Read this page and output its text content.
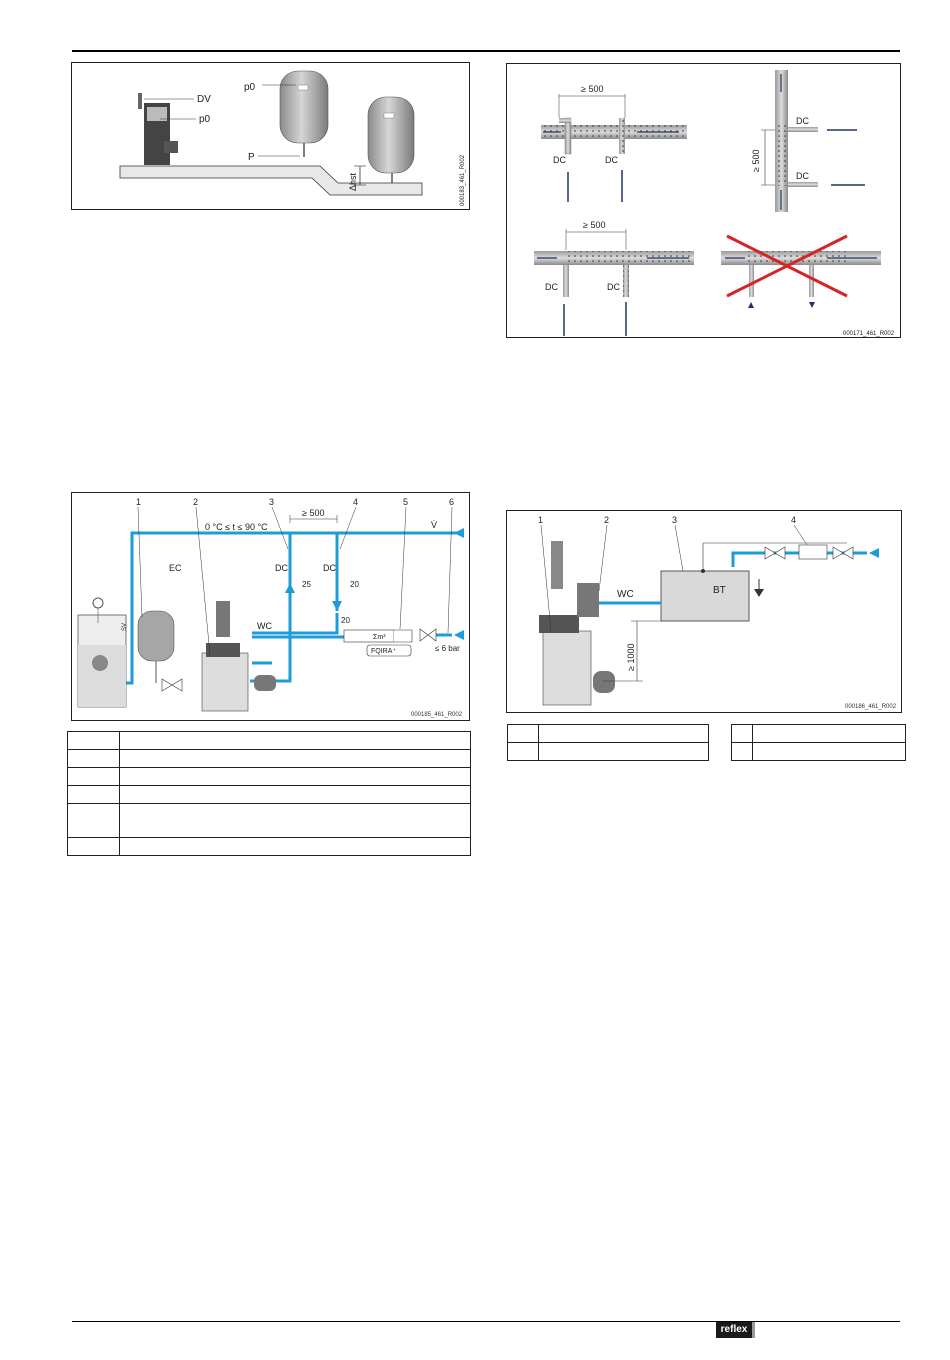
DV
p0
p0
P
Δhst	000183_461_R002
≥ 500
DC	DC	≥ 500
DC
DC
≥ 500
DC	DC
000171_461_R002
1	2	3	4	5	6
0 °C ≤ t ≤ 90 °C
≥ 500
EC	DC	DC
WC
25	20
20
≤ 6 bar
Σm³
FQIRA⁺
SV
V̇
000185_461_R002

1	2	3	4
WC	BT
≥ 1000
000186_461_R002

reflex
